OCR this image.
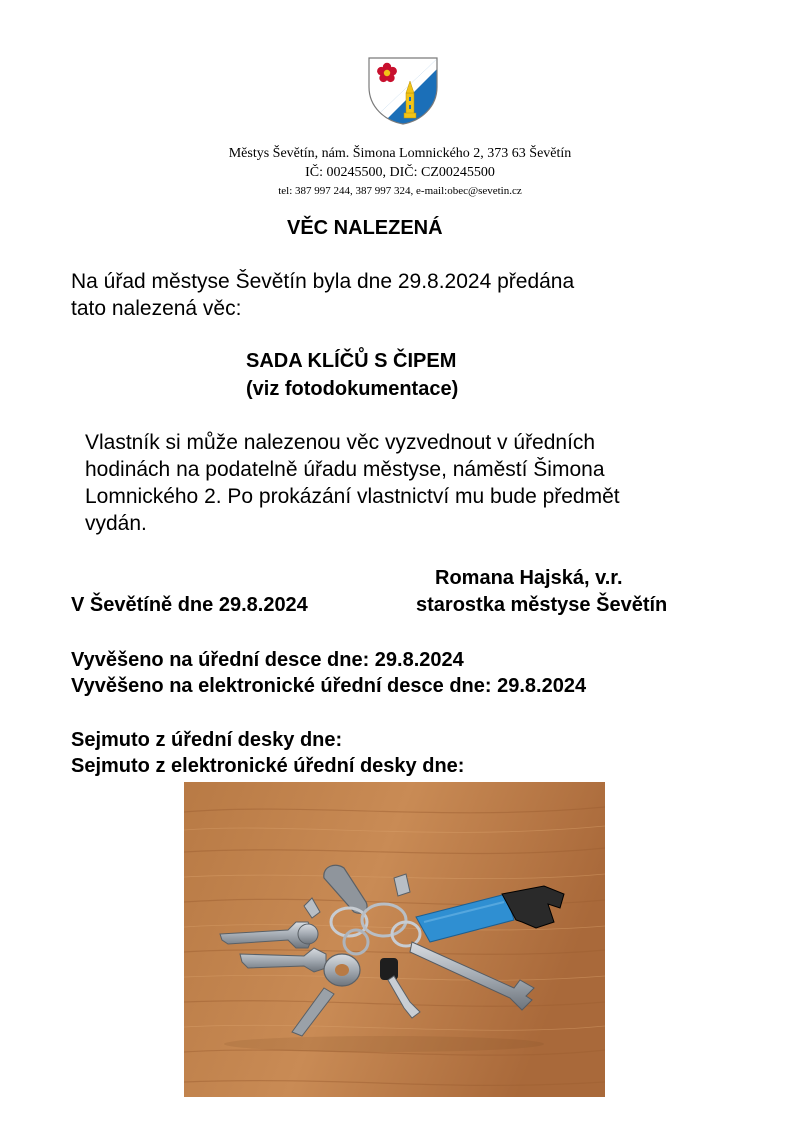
Městys Ševětín, nám. Šimona Lomnického 2, 373 63 Ševětín
IČ: 00245500, DIČ: CZ00245500
tel: 387 997 244, 387 997 324, e-mail:obec@sevetin.cz
VĚC NALEZENÁ
Na úřad městyse Ševětín byla dne 29.8.2024 předána
tato nalezená věc:
SADA KLÍČŮ S ČIPEM
(viz fotodokumentace)
Vlastník si může nalezenou věc vyzvednout v úředních
hodinách na podatelně úřadu městyse, náměstí Šimona
Lomnického 2. Po prokázání vlastnictví mu bude předmět
vydán.
Romana Hajská, v.r.
V Ševětíně dne 29.8.2024	starostka městyse Ševětín
Vyvěšeno na úřední desce dne: 29.8.2024
Vyvěšeno na elektronické úřední desce dne: 29.8.2024
Sejmuto z úřední desky dne:
Sejmuto z elektronické úřední desky dne:
